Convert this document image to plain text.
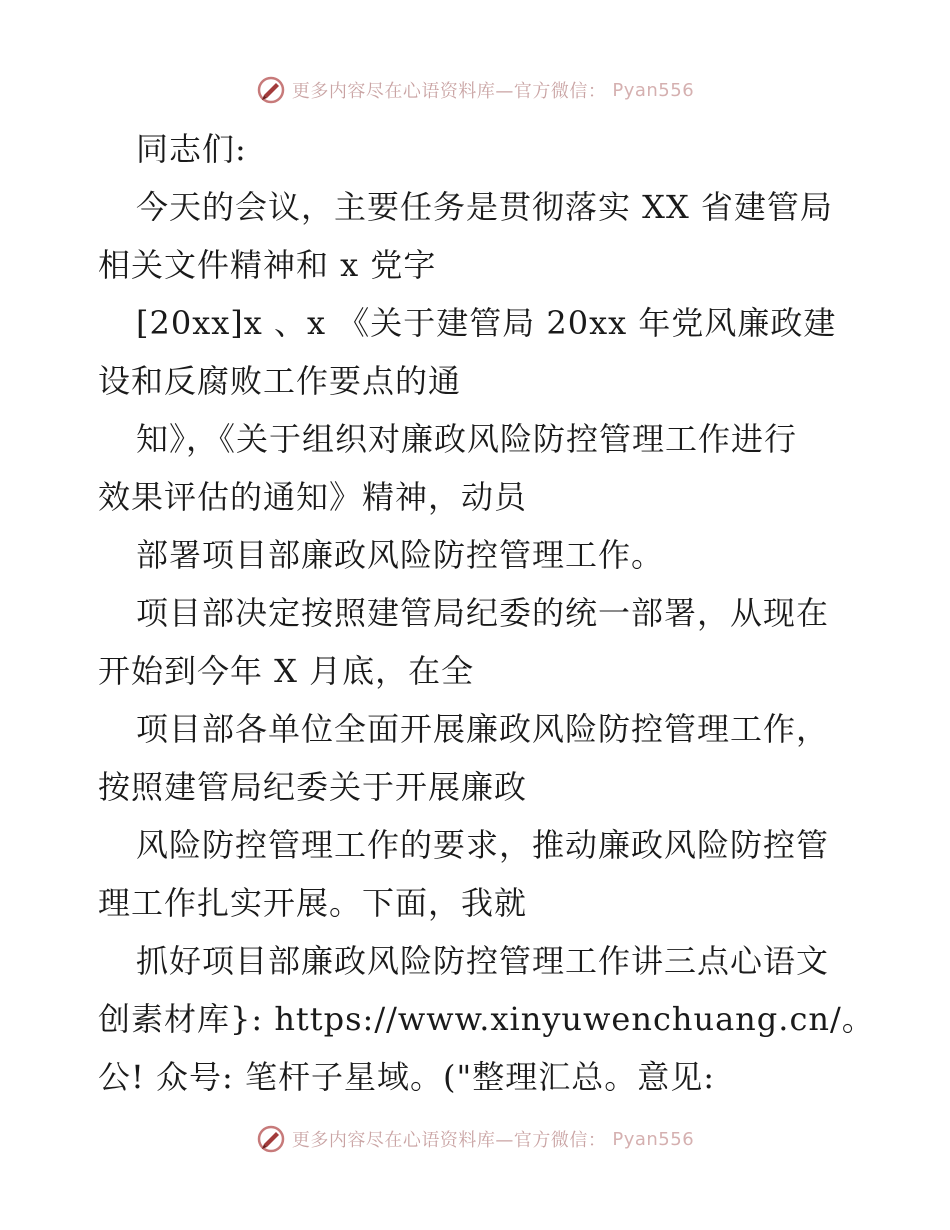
更多内容尽在心语资料库—官方微信： Pyan556
同志们:
今天的会议，主要任务是贯彻落实 XX 省建管局
相关文件精神和 x 党字
[20xx]x 、x 《关于建管局 20xx 年党风廉政建
设和反腐败工作要点的通
知》，《关于组织对廉政风险防控管理工作进行
效果评估的通知》精神，动员
部署项目部廉政风险防控管理工作。
项目部决定按照建管局纪委的统一部署，从现在
开始到今年 X 月底，在全
项目部各单位全面开展廉政风险防控管理工作，
按照建管局纪委关于开展廉政
风险防控管理工作的要求，推动廉政风险防控管
理工作扎实开展。下面，我就
抓好项目部廉政风险防控管理工作讲三点心语文
创素材库}: https://www.xinyuwenchuang.cn/。
公! 众号: 笔杆子星域。("整理汇总。意见:
更多内容尽在心语资料库—官方微信： Pyan556
